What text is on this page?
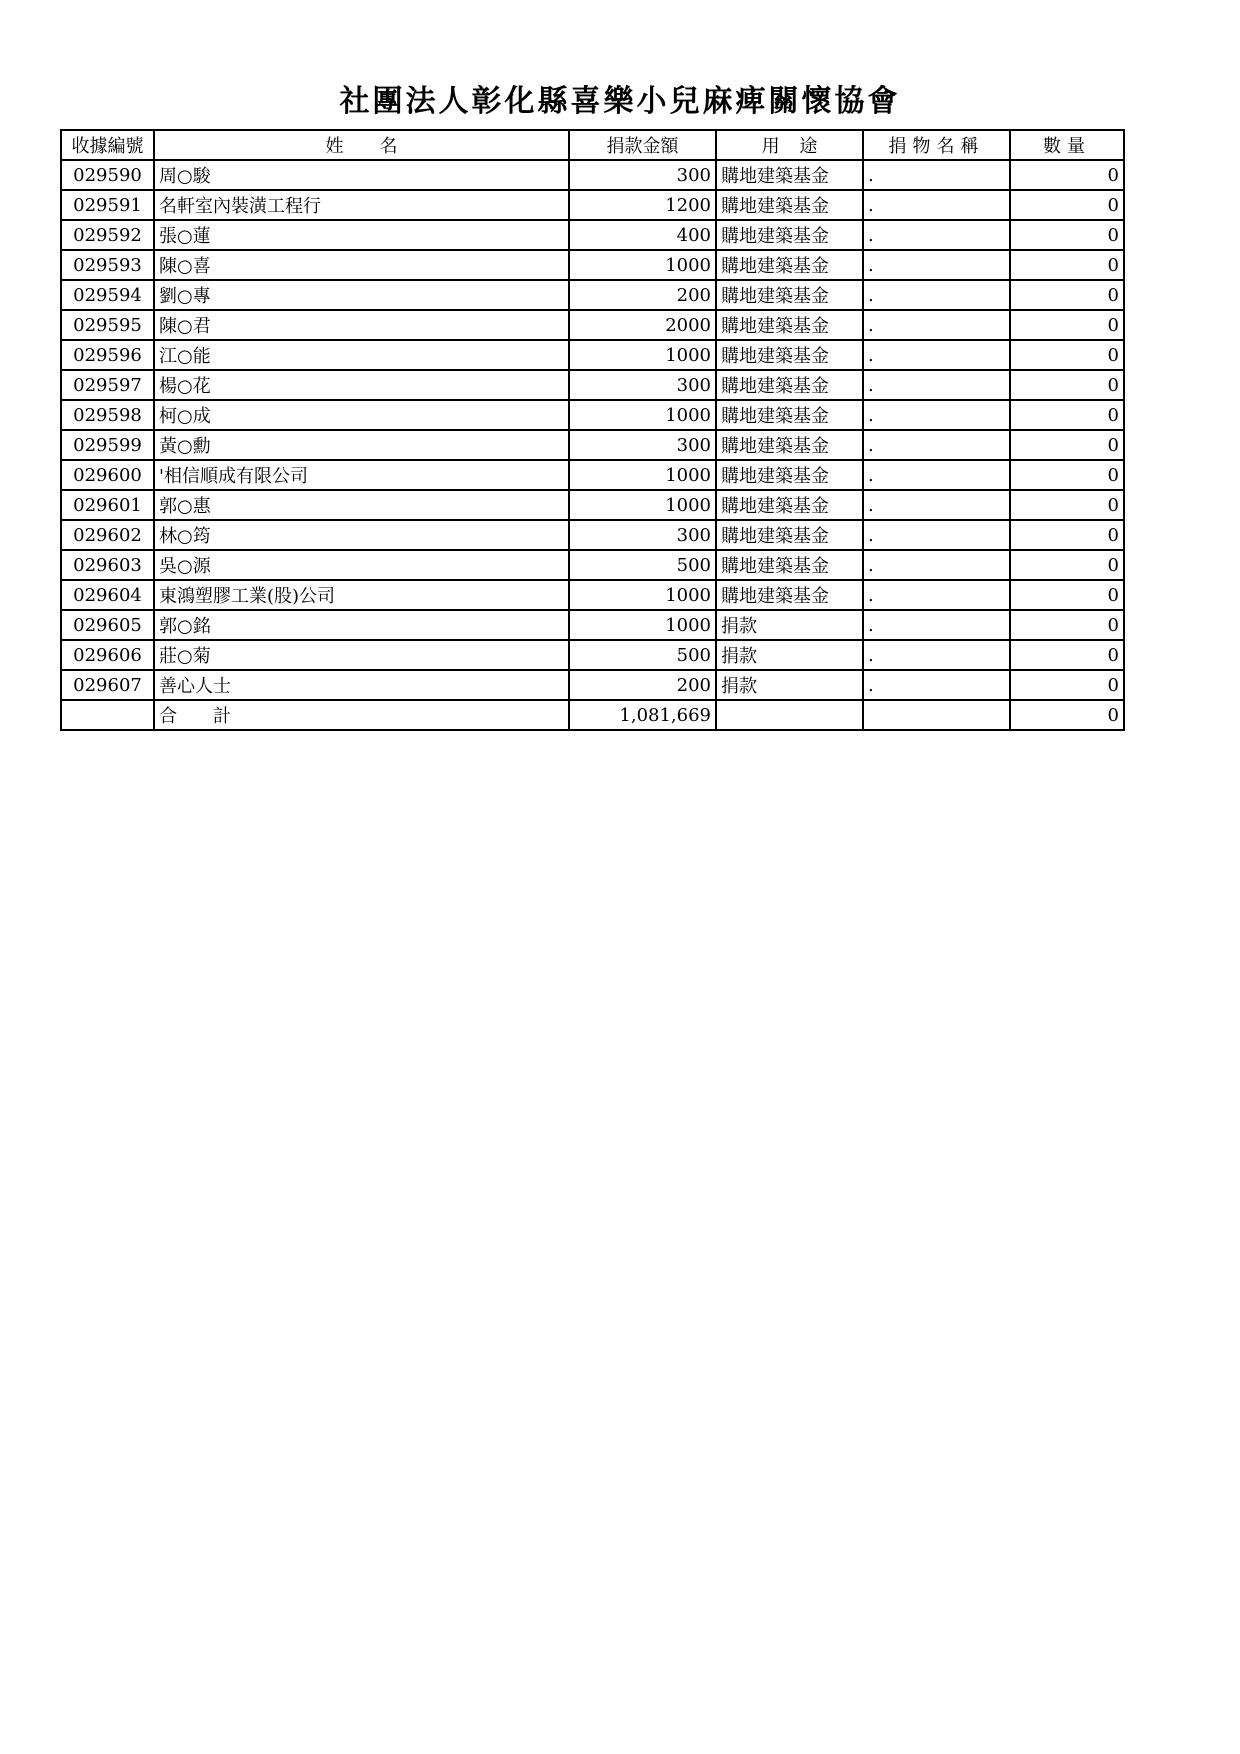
社團法人彰化縣喜樂小兒麻痺關懷協會
收據編號	姓　　名	捐款金額	用 途	捐物名稱	數量
029590	周○駿	300	購地建築基金	.	0
029591	名軒室內裝潢工程行	1200	購地建築基金	.	0
029592	張○蓮	400	購地建築基金	.	0
029593	陳○喜	1000	購地建築基金	.	0
029594	劉○專	200	購地建築基金	.	0
029595	陳○君	2000	購地建築基金	.	0
029596	江○能	1000	購地建築基金	.	0
029597	楊○花	300	購地建築基金	.	0
029598	柯○成	1000	購地建築基金	.	0
029599	黃○勳	300	購地建築基金	.	0
029600	'相信順成有限公司	1000	購地建築基金	.	0
029601	郭○惠	1000	購地建築基金	.	0
029602	林○筠	300	購地建築基金	.	0
029603	吳○源	500	購地建築基金	.	0
029604	東鴻塑膠工業(股)公司	1000	購地建築基金	.	0
029605	郭○銘	1000	捐款	.	0
029606	莊○菊	500	捐款	.	0
029607	善心人士	200	捐款	.	0
	合　　計	1,081,669			0
